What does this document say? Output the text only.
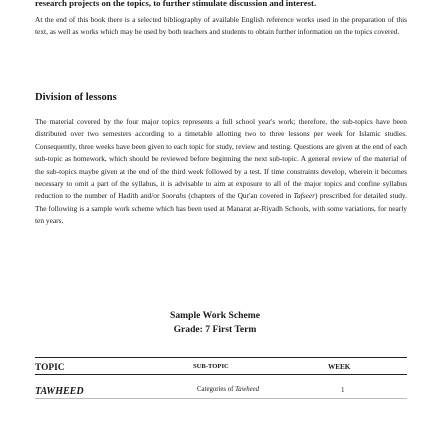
research projects on the topics, to further stimulate discussion and interest.

At the end of this book there is a selected bibliography of available English reference works used in the preparation of this text, as well as works which may be used by both teachers and students to obtain further information on the topics covered.

Division of lessons

The material covered by the four major topics represents a full school year's work; therefore, the sub-topics have been distributed over two semesters according to a timetable allotting two to three lessons per week for Islamic studies. Consequently, three weeks have been given to each topic for study, review and testing. Questions are given at the end of each sub-topic as homework, which should be reviewed before beginning the next sub-topic. A general review of the material of the sub-topics maybe given at the end of the third week followed by a test. If time constraints develop, wherein it becomes necessary to omit a part of the syllabus, it is advisable to aim at exposure to all of the major topics and confine syllabus reduction to the number of Hadith and/or Soorahs (chapters of the Qur'an covered in Tafseer) prescribed for detailed study. The following is a sample work scheme which has been used at Manarat ar-Riyadh Schools, with some variations, for nearly ten years.

Sample Work Scheme

Grade: 7 First Term

TOPIC	SUB-TOPIC	WEEK
TAWHEED	Categories of Tawheed	1
